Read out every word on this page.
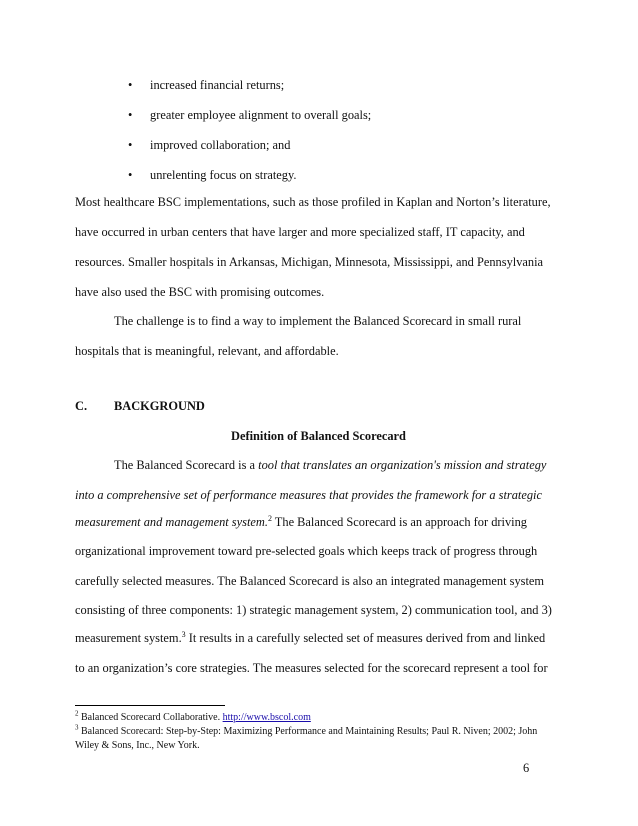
• increased financial returns;
• greater employee alignment to overall goals;
• improved collaboration; and
• unrelenting focus on strategy.
Most healthcare BSC implementations, such as those profiled in Kaplan and Norton’s literature,
have occurred in urban centers that have larger and more specialized staff, IT capacity, and
resources. Smaller hospitals in Arkansas, Michigan, Minnesota, Mississippi, and Pennsylvania
have also used the BSC with promising outcomes.
The challenge is to find a way to implement the Balanced Scorecard in small rural
hospitals that is meaningful, relevant, and affordable.
C. BACKGROUND
Definition of Balanced Scorecard
The Balanced Scorecard is a tool that translates an organization's mission and strategy
into a comprehensive set of performance measures that provides the framework for a strategic
measurement and management system.$^2$ The Balanced Scorecard is an approach for driving
organizational improvement toward pre-selected goals which keeps track of progress through
carefully selected measures. The Balanced Scorecard is also an integrated management system
consisting of three components: 1) strategic management system, 2) communication tool, and 3)
measurement system.$^3$ It results in a carefully selected set of measures derived from and linked
to an organization’s core strategies. The measures selected for the scorecard represent a tool for
$^2$ Balanced Scorecard Collaborative. http://www.bscol.com
$^3$ Balanced Scorecard: Step-by-Step: Maximizing Performance and Maintaining Results; Paul R. Niven; 2002; John
Wiley & Sons, Inc., New York.
6
